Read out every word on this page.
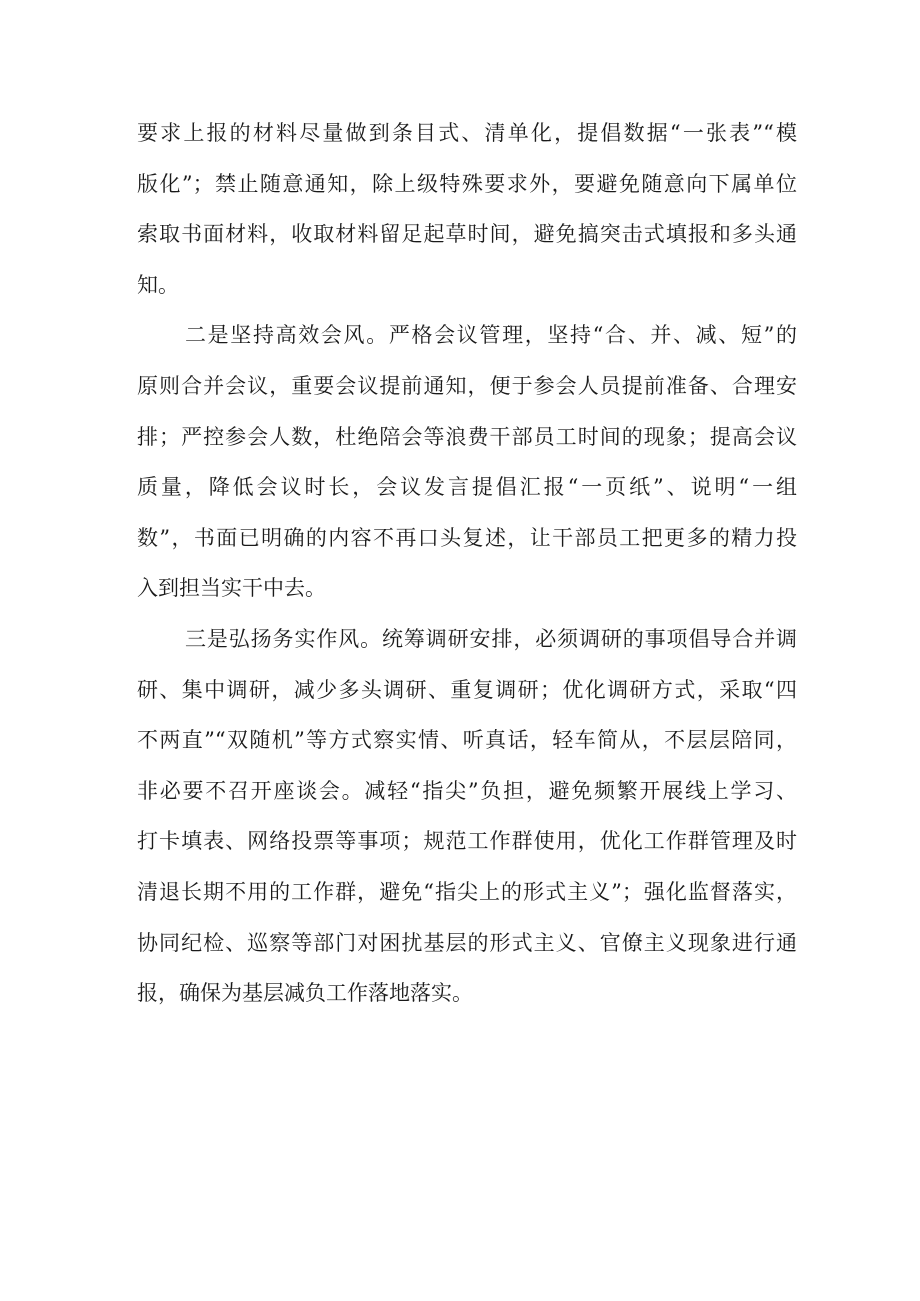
要求上报的材料尽量做到条目式、清单化，提倡数据“一张表”“模
版化”；禁止随意通知，除上级特殊要求外，要避免随意向下属单位
索取书面材料，收取材料留足起草时间，避免搞突击式填报和多头通
知。
二是坚持高效会风。严格会议管理，坚持“合、并、减、短”的
原则合并会议，重要会议提前通知，便于参会人员提前准备、合理安
排；严控参会人数，杜绝陪会等浪费干部员工时间的现象；提高会议
质量，降低会议时长，会议发言提倡汇报“一页纸”、说明“一组
数”，书面已明确的内容不再口头复述，让干部员工把更多的精力投
入到担当实干中去。
三是弘扬务实作风。统筹调研安排，必须调研的事项倡导合并调
研、集中调研，减少多头调研、重复调研；优化调研方式，采取“四
不两直”“双随机”等方式察实情、听真话，轻车简从，不层层陪同，
非必要不召开座谈会。减轻“指尖”负担，避免频繁开展线上学习、
打卡填表、网络投票等事项；规范工作群使用，优化工作群管理及时
清退长期不用的工作群，避免“指尖上的形式主义”；强化监督落实，
协同纪检、巡察等部门对困扰基层的形式主义、官僚主义现象进行通
报，确保为基层减负工作落地落实。
